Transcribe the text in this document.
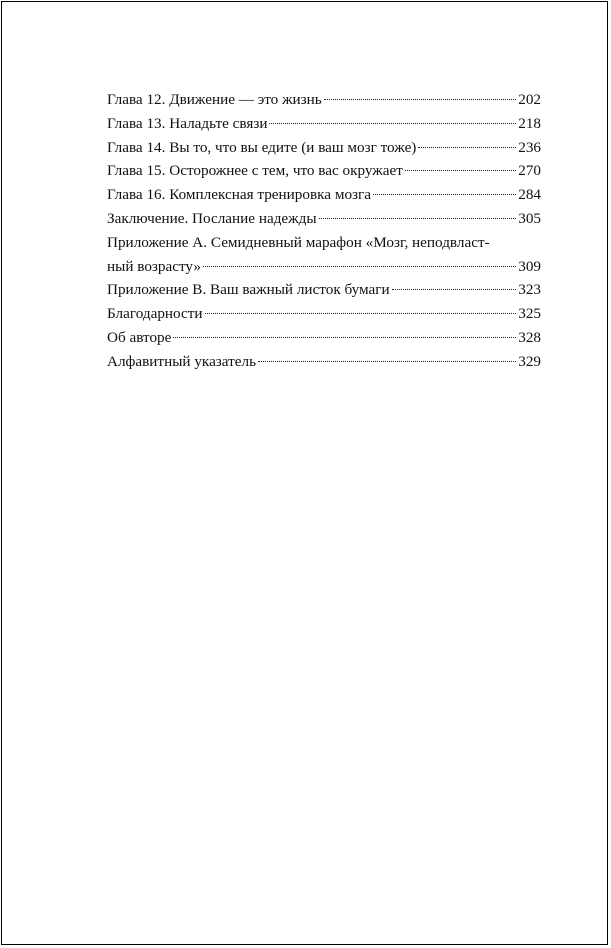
Глава 12. Движение — это жизнь	202
Глава 13. Наладьте связи	218
Глава 14. Вы то, что вы едите (и ваш мозг тоже)	236
Глава 15. Осторожнее с тем, что вас окружает	270
Глава 16. Комплексная тренировка мозга	284
Заключение. Послание надежды	305
Приложение A. Семидневный марафон «Мозг, неподвласт-
ный возрасту»	309
Приложение B. Ваш важный листок бумаги	323
Благодарности	325
Об авторе	328
Алфавитный указатель	329
